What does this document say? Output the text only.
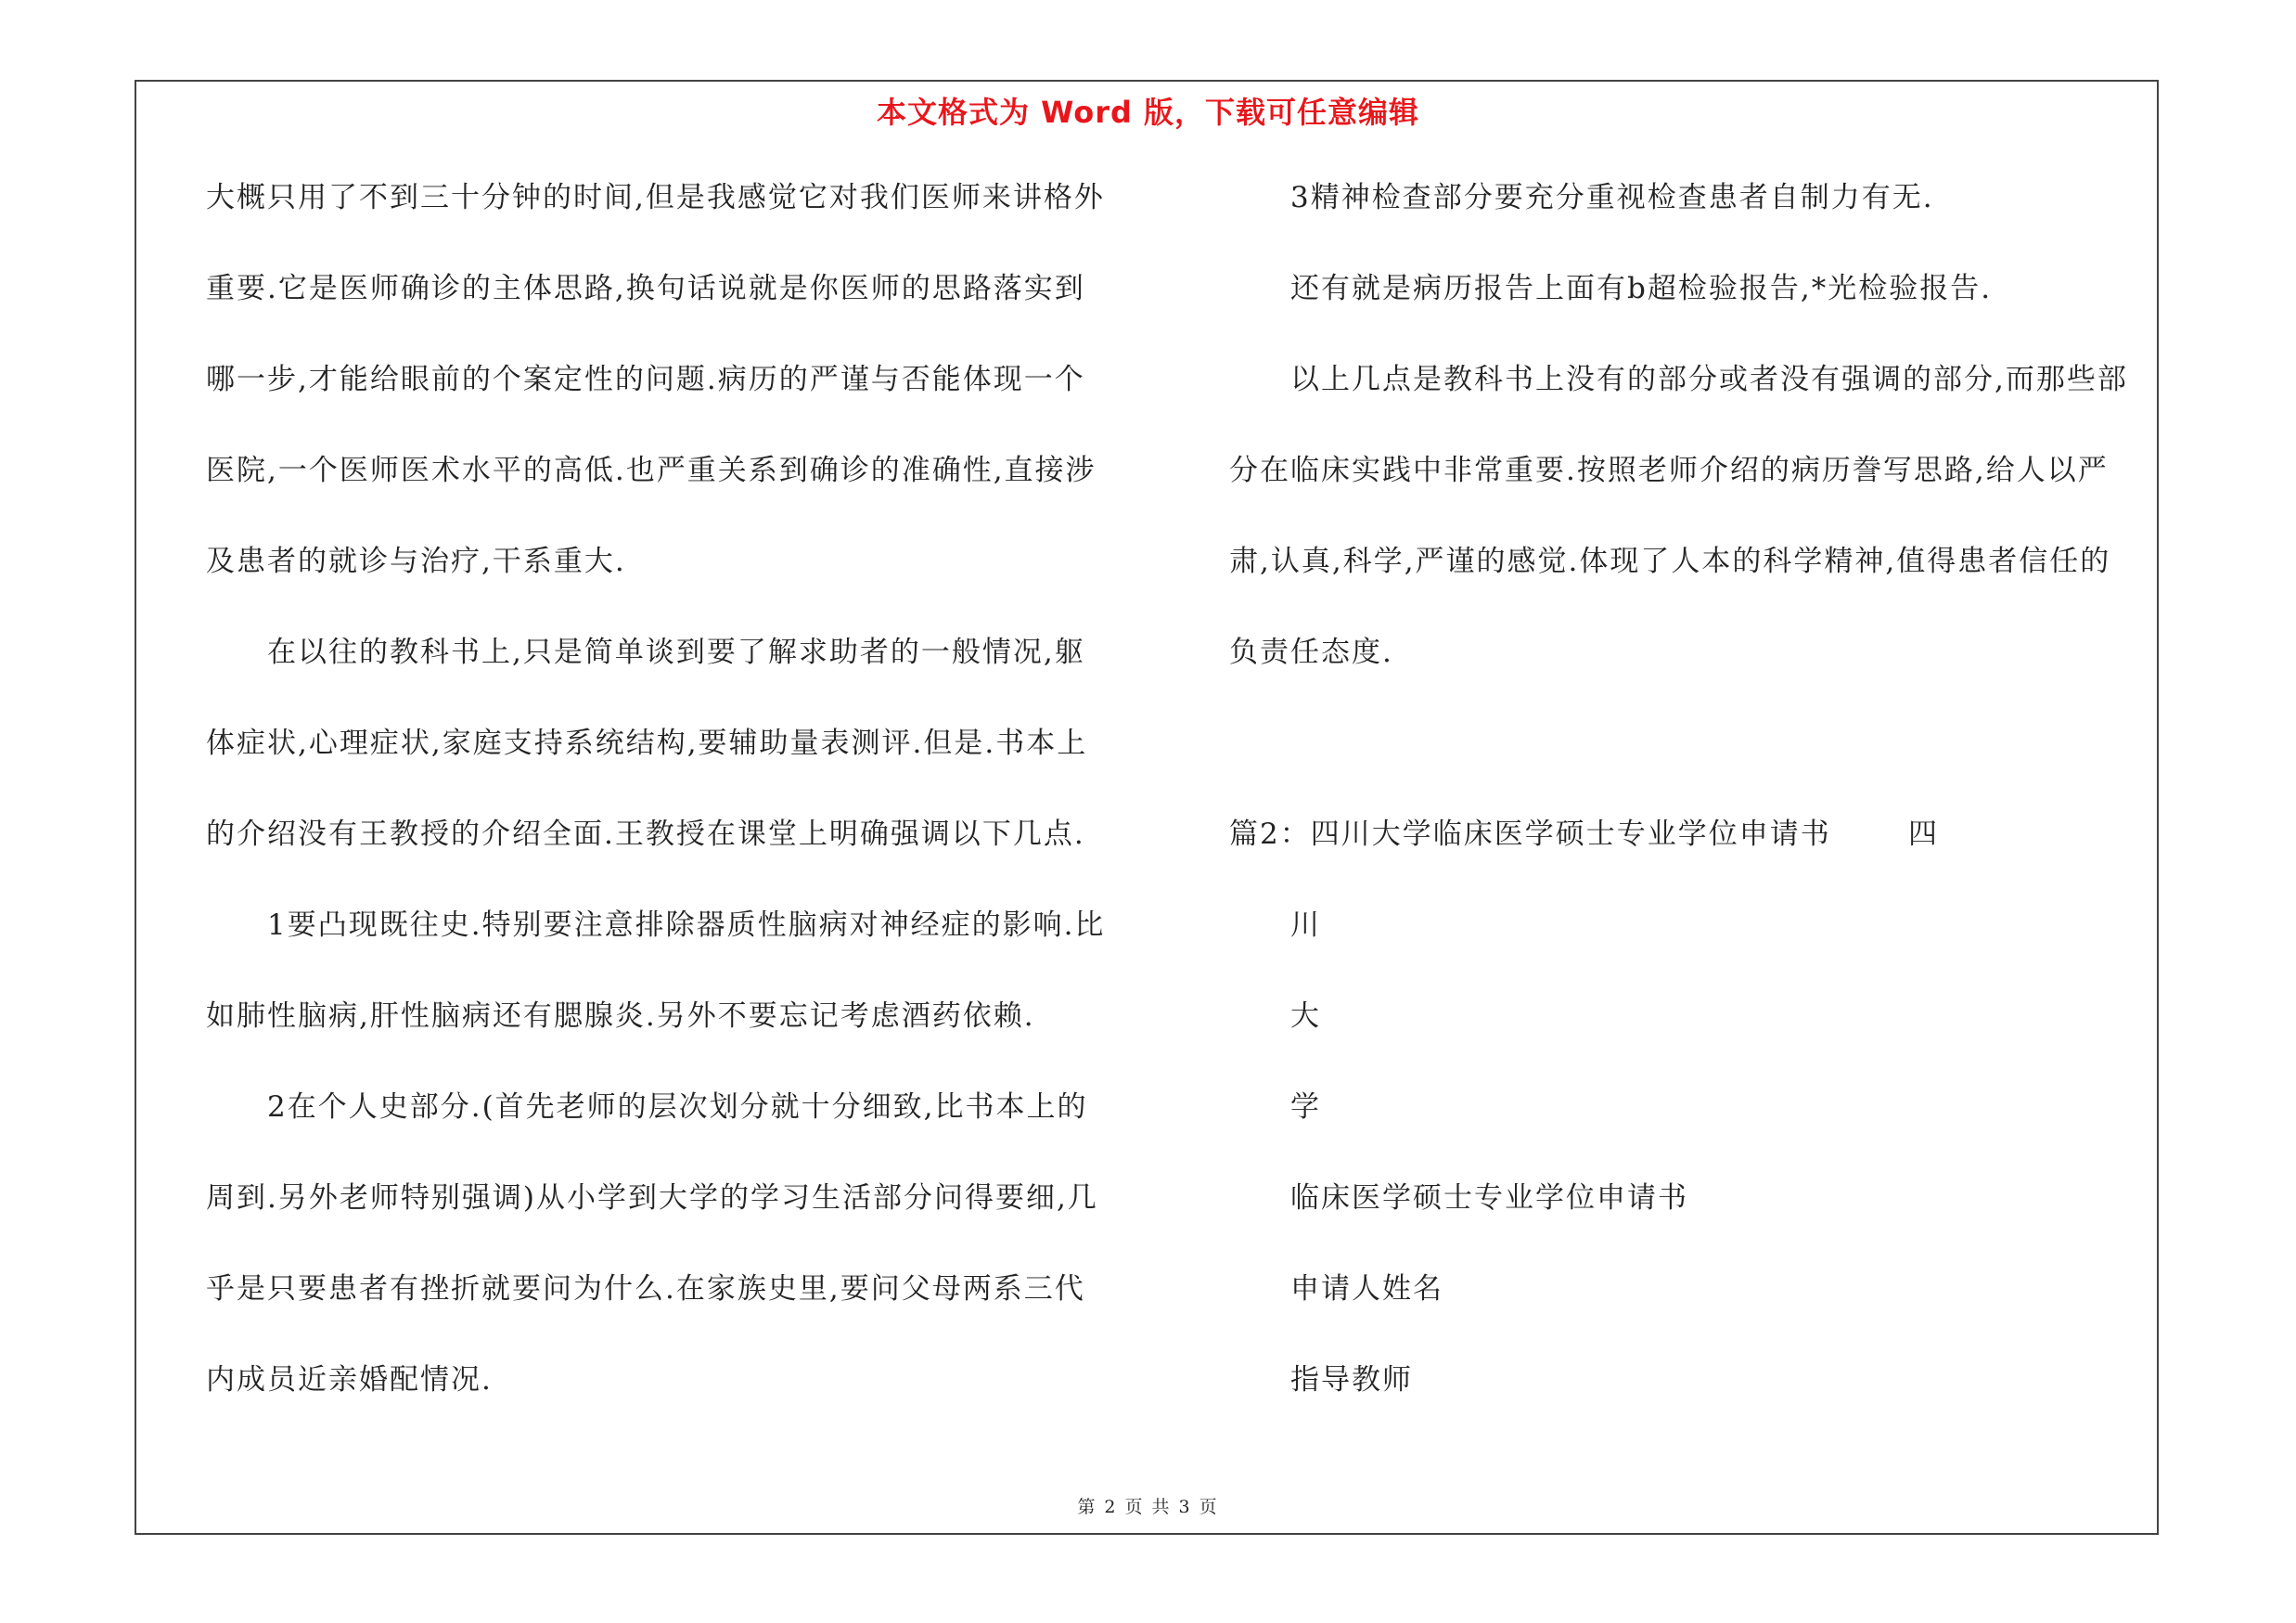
本文格式为 Word 版，下载可任意编辑
大概只用了不到三十分钟的时间,但是我感觉它对我们医师来讲格外
重要.它是医师确诊的主体思路,换句话说就是你医师的思路落实到
哪一步,才能给眼前的个案定性的问题.病历的严谨与否能体现一个
医院,一个医师医术水平的高低.也严重关系到确诊的准确性,直接涉
及患者的就诊与治疗,干系重大.
在以往的教科书上,只是简单谈到要了解求助者的一般情况,躯
体症状,心理症状,家庭支持系统结构,要辅助量表测评.但是.书本上
的介绍没有王教授的介绍全面.王教授在课堂上明确强调以下几点.
1要凸现既往史.特别要注意排除器质性脑病对神经症的影响.比
如肺性脑病,肝性脑病还有腮腺炎.另外不要忘记考虑酒药依赖.
2在个人史部分.(首先老师的层次划分就十分细致,比书本上的
周到.另外老师特别强调)从小学到大学的学习生活部分问得要细,几
乎是只要患者有挫折就要问为什么.在家族史里,要问父母两系三代
内成员近亲婚配情况.
3精神检查部分要充分重视检查患者自制力有无.
还有就是病历报告上面有b超检验报告,*光检验报告.
以上几点是教科书上没有的部分或者没有强调的部分,而那些部
分在临床实践中非常重要.按照老师介绍的病历誊写思路,给人以严
肃,认真,科学,严谨的感觉.体现了人本的科学精神,值得患者信任的
负责任态度.
篇2：四川大学临床医学硕士专业学位申请书	四
川
大
学
临床医学硕士专业学位申请书
申请人姓名
指导教师
第 2 页 共 3 页
